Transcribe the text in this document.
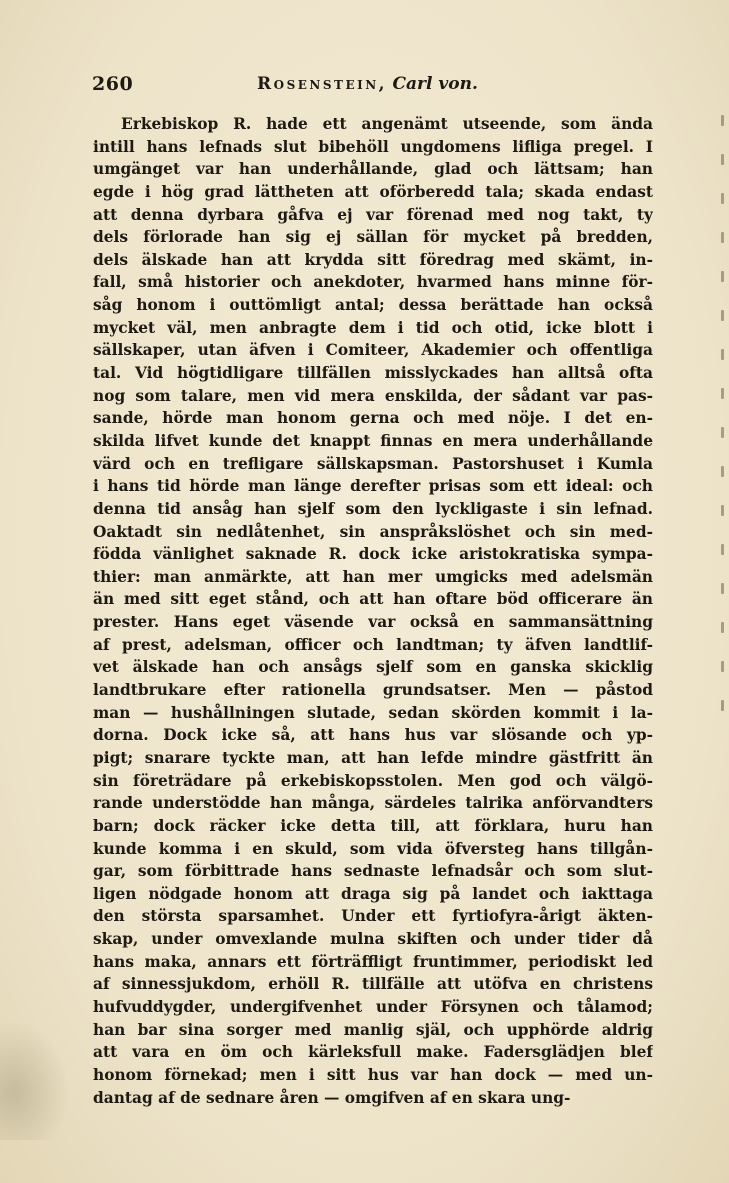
260	Rosenstein, Carl von.
Erkebiskop R. hade ett angenämt utseende, som ända
intill hans lefnads slut bibehöll ungdomens lifliga pregel. I
umgänget var han underhållande, glad och lättsam; han
egde i hög grad lättheten att oförberedd tala; skada endast
att denna dyrbara gåfva ej var förenad med nog takt, ty
dels förlorade han sig ej sällan för mycket på bredden,
dels älskade han att krydda sitt föredrag med skämt, in-
fall, små historier och anekdoter, hvarmed hans minne för-
såg honom i outtömligt antal; dessa berättade han också
mycket väl, men anbragte dem i tid och otid, icke blott i
sällskaper, utan äfven i Comiteer, Akademier och offentliga
tal. Vid högtidligare tillfällen misslyckades han alltså ofta
nog som talare, men vid mera enskilda, der sådant var pas-
sande, hörde man honom gerna och med nöje. I det en-
skilda lifvet kunde det knappt finnas en mera underhållande
värd och en trefligare sällskapsman. Pastorshuset i Kumla
i hans tid hörde man länge derefter prisas som ett ideal: och
denna tid ansåg han sjelf som den lyckligaste i sin lefnad.
Oaktadt sin nedlåtenhet, sin anspråkslöshet och sin med-
födda vänlighet saknade R. dock icke aristokratiska sympa-
thier: man anmärkte, att han mer umgicks med adelsmän
än med sitt eget stånd, och att han oftare böd officerare än
prester. Hans eget väsende var också en sammansättning
af prest, adelsman, officer och landtman; ty äfven landtlif-
vet älskade han och ansågs sjelf som en ganska skicklig
landtbrukare efter rationella grundsatser. Men — påstod
man — hushållningen slutade, sedan skörden kommit i la-
dorna. Dock icke så, att hans hus var slösande och yp-
pigt; snarare tyckte man, att han lefde mindre gästfritt än
sin företrädare på erkebiskopsstolen. Men god och välgö-
rande understödde han många, särdeles talrika anförvandters
barn; dock räcker icke detta till, att förklara, huru han
kunde komma i en skuld, som vida öfversteg hans tillgån-
gar, som förbittrade hans sednaste lefnadsår och som slut-
ligen nödgade honom att draga sig på landet och iakttaga
den största sparsamhet. Under ett fyrtiofyra-årigt äkten-
skap, under omvexlande mulna skiften och under tider då
hans maka, annars ett förträffligt fruntimmer, periodiskt led
af sinnessjukdom, erhöll R. tillfälle att utöfva en christens
hufvuddygder, undergifvenhet under Försynen och tålamod;
han bar sina sorger med manlig själ, och upphörde aldrig
att vara en öm och kärleksfull make. Fadersglädjen blef
honom förnekad; men i sitt hus var han dock — med un-
dantag af de sednare åren — omgifven af en skara ung-
